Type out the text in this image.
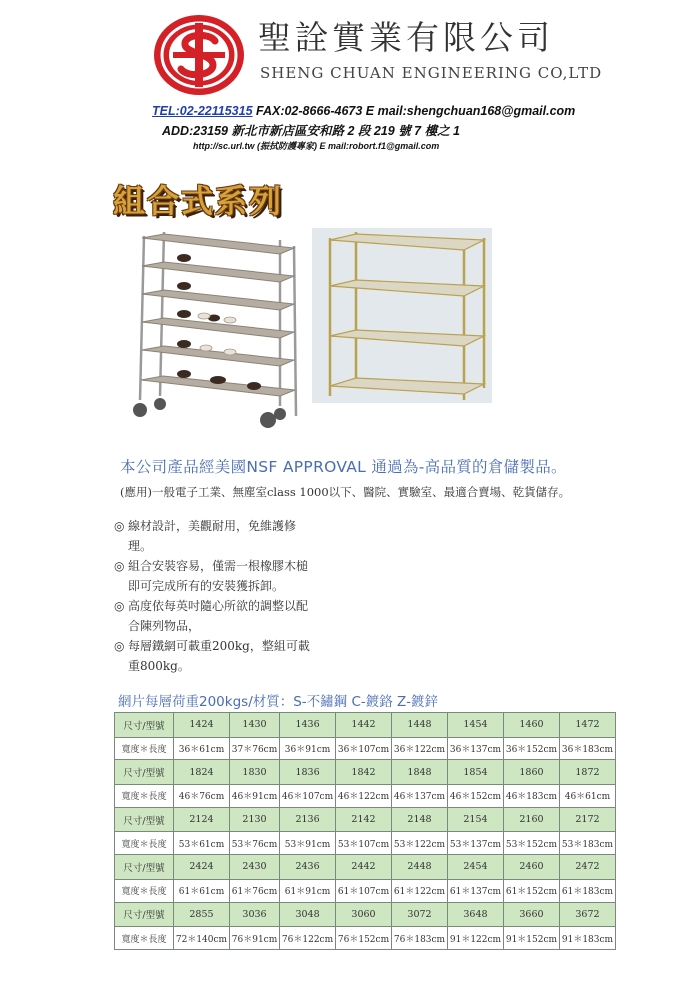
聖詮實業有限公司
SHENG CHUAN ENGINEERING CO,LTD
TEL:02-22115315 FAX:02-8666-4673 E mail:shengchuan168@gmail.com
ADD:23159 新北市新店區安和路 2 段 219 號 7 樓之 1
http://sc.url.tw (振拭防護專家) E mail:robort.f1@gmail.com
組合式系列
本公司產品經美國NSF APPROVAL 通過為-高品質的倉儲製品。
(應用)一般電子工業、無塵室class 1000以下、醫院、實驗室、最適合賣場、乾貨儲存。
◎ 線材設計，美觀耐用，免維護修理。
◎ 組合安裝容易，僅需一根橡膠木槌即可完成所有的安裝獲拆卸。
◎ 高度依每英吋隨心所欲的調整以配合陳列物品，
◎ 每層鐵網可載重200kg，整組可載重800kg。
網片每層荷重200kgs/材質：S-不鏽鋼 C-鍍鉻 Z-鍍鋅
尺寸/型號	1424	1430	1436	1442	1448	1454	1460	1472
寬度＊長度	36＊61cm	37＊76cm	36＊91cm	36＊107cm	36＊122cm	36＊137cm	36＊152cm	36＊183cm
尺寸/型號	1824	1830	1836	1842	1848	1854	1860	1872
寬度＊長度	46＊76cm	46＊91cm	46＊107cm	46＊122cm	46＊137cm	46＊152cm	46＊183cm	46＊61cm
尺寸/型號	2124	2130	2136	2142	2148	2154	2160	2172
寬度＊長度	53＊61cm	53＊76cm	53＊91cm	53＊107cm	53＊122cm	53＊137cm	53＊152cm	53＊183cm
尺寸/型號	2424	2430	2436	2442	2448	2454	2460	2472
寬度＊長度	61＊61cm	61＊76cm	61＊91cm	61＊107cm	61＊122cm	61＊137cm	61＊152cm	61＊183cm
尺寸/型號	2855	3036	3048	3060	3072	3648	3660	3672
寬度＊長度	72＊140cm	76＊91cm	76＊122cm	76＊152cm	76＊183cm	91＊122cm	91＊152cm	91＊183cm
